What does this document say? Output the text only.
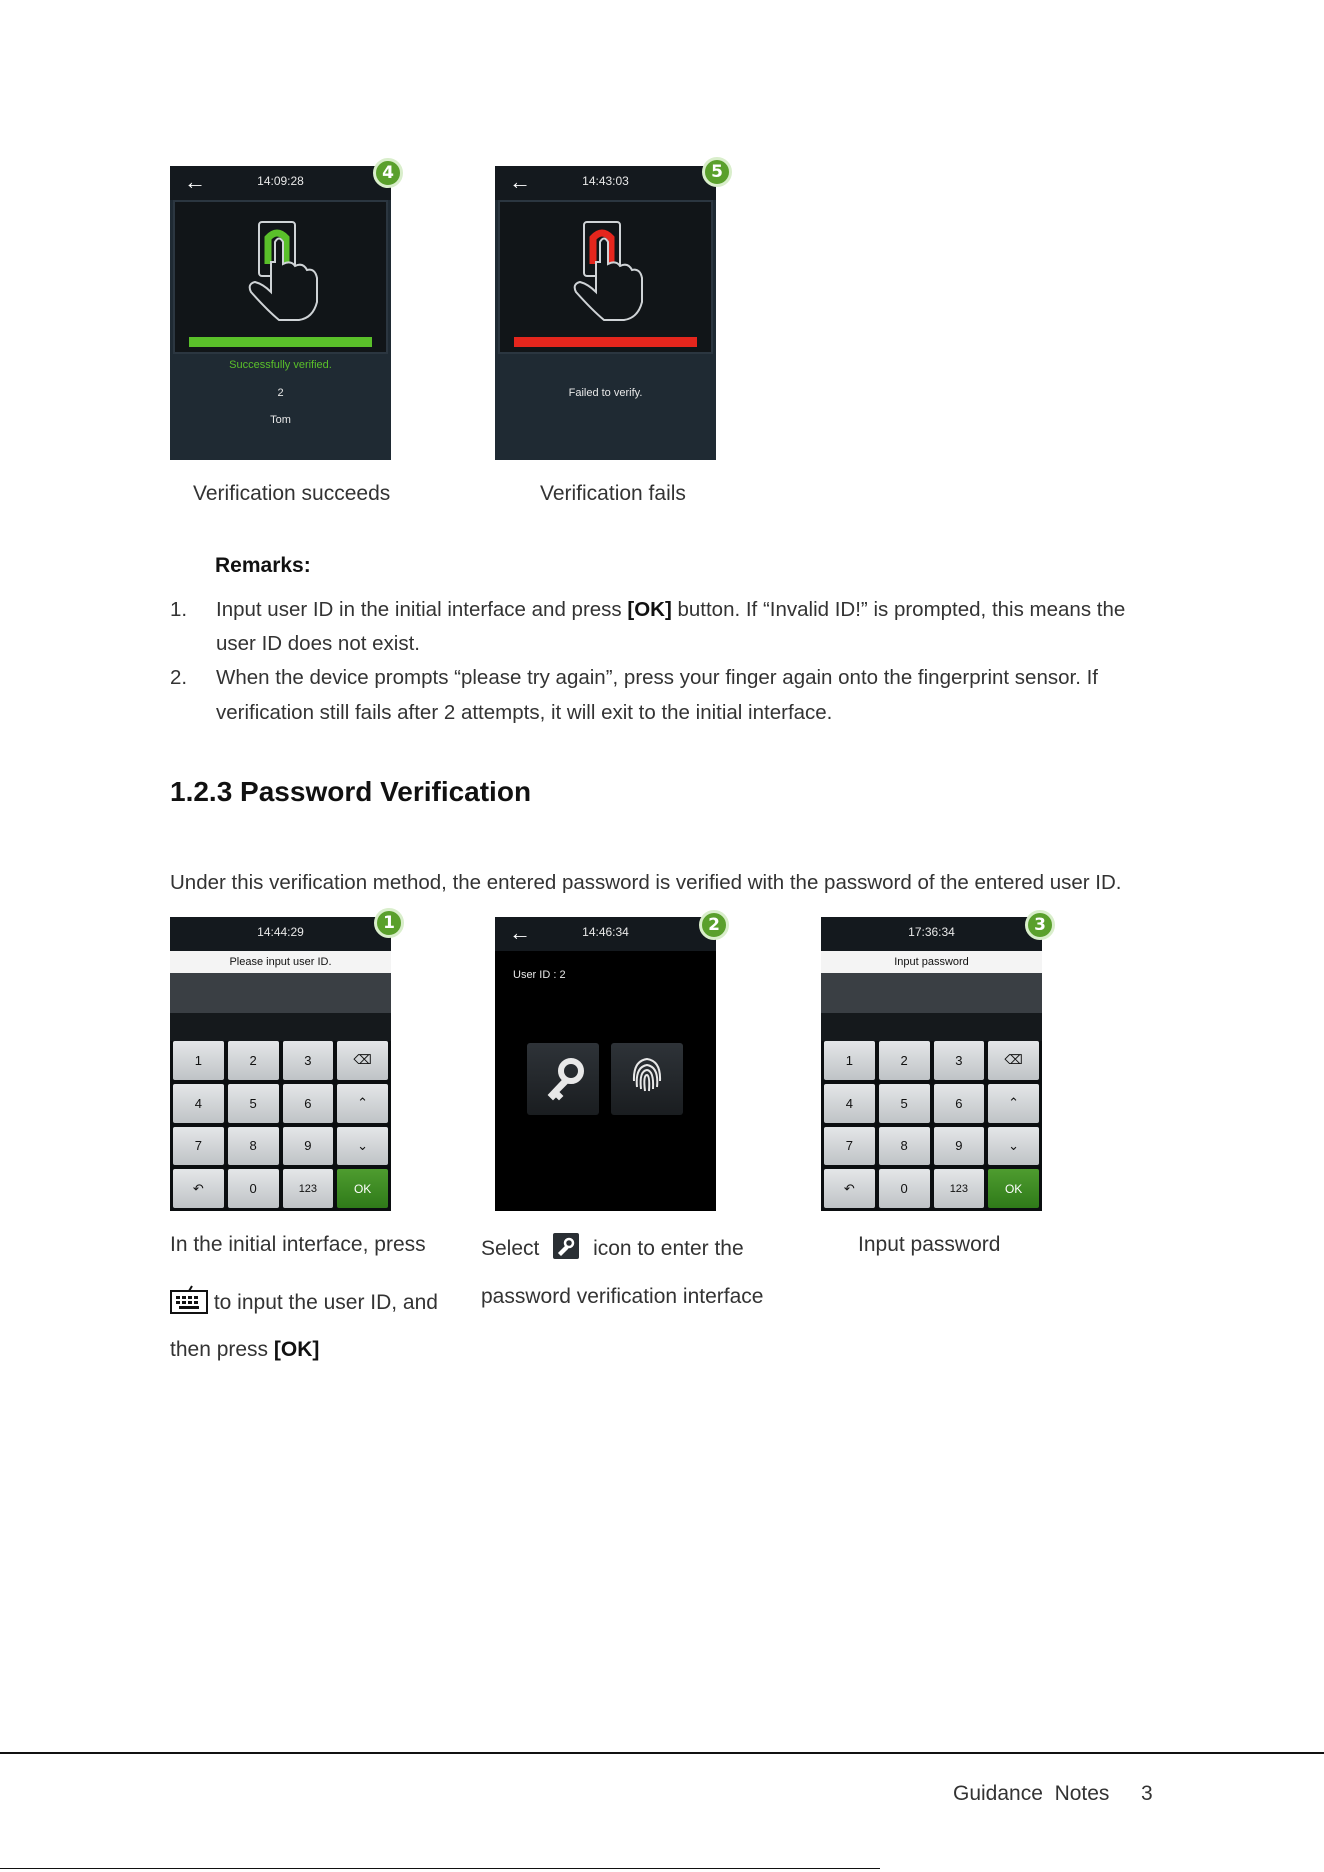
←	14:09:28
Successfully verified.
2
Tom
4	←	14:43:03
Failed to verify.
5
Verification succeeds	Verification fails
Remarks:
1. Input user ID in the initial interface and press [OK] button. If “Invalid ID!” is prompted, this means the
user ID does not exist.
2. When the device prompts “please try again”, press your finger again onto the fingerprint sensor. If
verification still fails after 2 attempts, it will exit to the initial interface.
1.2.3 Password Verification
Under this verification method, the entered password is verified with the password of the entered user ID.
14:44:29
Please input user ID.
1	2	3	⌫
4	5	6	⌃
7	8	9	⌄
↶	0	123	OK
1	←	14:46:34
User ID : 2
2	17:36:34
Input password
1	2	3	⌫
4	5	6	⌃
7	8	9	⌄
↶	0	123	OK
3
In the initial interface, press
to input the user ID, and
then press [OK]
Select	icon to enter the
password verification interface
Input password
Guidance  Notes 3
